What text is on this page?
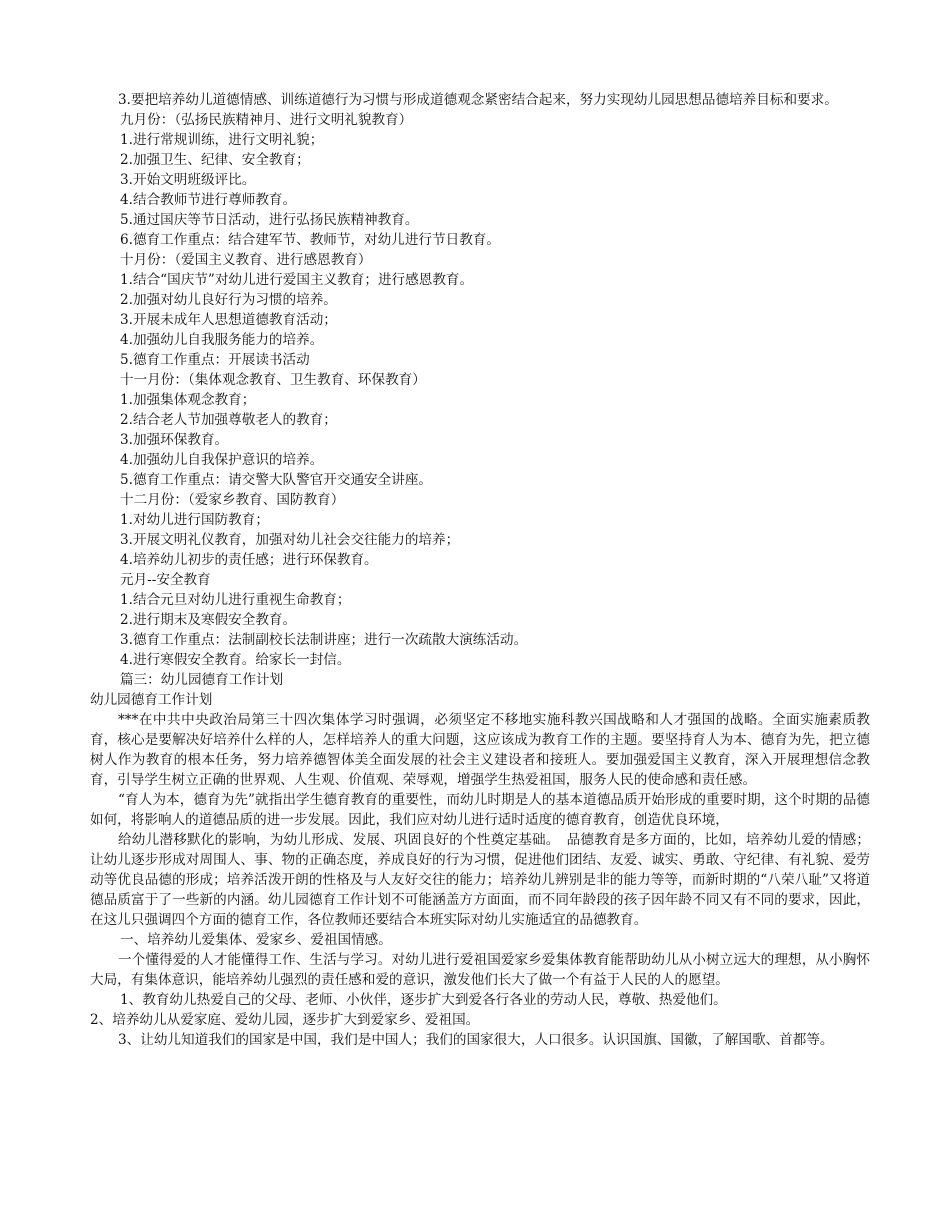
3.要把培养幼儿道德情感、训练道德行为习惯与形成道德观念紧密结合起来，努力实现幼儿园思想品德培养目标和要求。
九月份：（弘扬民族精神月、进行文明礼貌教育）
1.进行常规训练，进行文明礼貌；
2.加强卫生、纪律、安全教育；
3.开始文明班级评比。
4.结合教师节进行尊师教育。
5.通过国庆等节日活动，进行弘扬民族精神教育。
6.德育工作重点：结合建军节、教师节，对幼儿进行节日教育。
十月份：（爱国主义教育、进行感恩教育）
1.结合“国庆节”对幼儿进行爱国主义教育；进行感恩教育。
2.加强对幼儿良好行为习惯的培养。
3.开展未成年人思想道德教育活动；
4.加强幼儿自我服务能力的培养。
5.德育工作重点：开展读书活动
十一月份：（集体观念教育、卫生教育、环保教育）
1.加强集体观念教育；
2.结合老人节加强尊敬老人的教育；
3.加强环保教育。
4.加强幼儿自我保护意识的培养。
5.德育工作重点：请交警大队警官开交通安全讲座。
十二月份：（爱家乡教育、国防教育）
1.对幼儿进行国防教育；
3.开展文明礼仪教育，加强对幼儿社会交往能力的培养；
4.培养幼儿初步的责任感；进行环保教育。
元月--安全教育
1.结合元旦对幼儿进行重视生命教育；
2.进行期末及寒假安全教育。
3.德育工作重点：法制副校长法制讲座；进行一次疏散大演练活动。
4.进行寒假安全教育。给家长一封信。
篇三：幼儿园德育工作计划
幼儿园德育工作计划
***在中共中央政治局第三十四次集体学习时强调，必须坚定不移地实施科教兴国战略和人才强国的战略。全面实施素质教育，核心是要解决好培养什么样的人，怎样培养人的重大问题，这应该成为教育工作的主题。要坚持育人为本、德育为先，把立德树人作为教育的根本任务，努力培养德智体美全面发展的社会主义建设者和接班人。要加强爱国主义教育，深入开展理想信念教育，引导学生树立正确的世界观、人生观、价值观、荣辱观，增强学生热爱祖国，服务人民的使命感和责任感。
“育人为本，德育为先”就指出学生德育教育的重要性，而幼儿时期是人的基本道德品质开始形成的重要时期，这个时期的品德如何，将影响人的道德品质的进一步发展。因此，我们应对幼儿进行适时适度的德育教育，创造优良环境，
给幼儿潜移默化的影响，为幼儿形成、发展、巩固良好的个性奠定基础。　品德教育是多方面的，比如，培养幼儿爱的情感；让幼儿逐步形成对周围人、事、物的正确态度，养成良好的行为习惯，促进他们团结、友爱、诚实、勇敢、守纪律、有礼貌、爱劳动等优良品德的形成；培养活泼开朗的性格及与人友好交往的能力；培养幼儿辨别是非的能力等等，而新时期的“八荣八耻”又将道德品质富于了一些新的内涵。幼儿园德育工作计划不可能涵盖方方面面，而不同年龄段的孩子因年龄不同又有不同的要求，因此，在这儿只强调四个方面的德育工作，各位教师还要结合本班实际对幼儿实施适宜的品德教育。
一、培养幼儿爱集体、爱家乡、爱祖国情感。
一个懂得爱的人才能懂得工作、生活与学习。对幼儿进行爱祖国爱家乡爱集体教育能帮助幼儿从小树立远大的理想，从小胸怀大局，有集体意识，能培养幼儿强烈的责任感和爱的意识，激发他们长大了做一个有益于人民的人的愿望。
1、教育幼儿热爱自己的父母、老师、小伙伴，逐步扩大到爱各行各业的劳动人民，尊敬、热爱他们。
2、培养幼儿从爱家庭、爱幼儿园，逐步扩大到爱家乡、爱祖国。
3、让幼儿知道我们的国家是中国，我们是中国人；我们的国家很大，人口很多。认识国旗、国徽，了解国歌、首都等。
